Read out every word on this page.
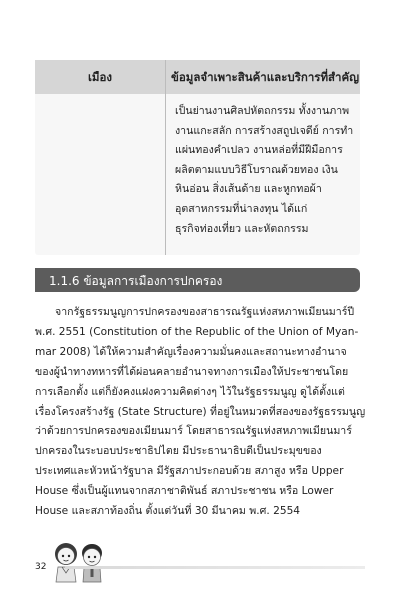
เมือง	ข้อมูลจำเพาะสินค้าและบริการที่สำคัญ
เป็นย่านงานศิลปหัตถกรรม ทั้งงานภาพ
งานแกะสลัก การสร้างสถูปเจดีย์ การทำ
แผ่นทองคำเปลว งานหล่อที่มีฝีมือการ
ผลิตตามแบบวิธีโบราณด้วยทอง เงิน
หินอ่อน สิ่งเส้นด้าย และหูกทอผ้า
อุตสาหกรรมที่น่าลงทุน ได้แก่
ธุรกิจท่องเที่ยว และหัตถกรรม
1.1.6 ข้อมูลการเมืองการปกครอง
จากรัฐธรรมนูญการปกครองของสาธารณรัฐแห่งสหภาพเมียนมาร์ปี
พ.ศ. 2551 (Constitution of the Republic of the Union of Myan-
mar 2008) ได้ให้ความสำคัญเรื่องความมั่นคงและสถานะทางอำนาจ
ของผู้นำทางทหารที่ได้ผ่อนคลายอำนาจทางการเมืองให้ประชาชนโดย
การเลือกตั้ง แต่ก็ยังคงแฝงความคิดต่างๆ ไว้ในรัฐธรรมนูญ ดูได้ตั้งแต่
เรื่องโครงสร้างรัฐ (State Structure) ที่อยู่ในหมวดที่สองของรัฐธรรมนูญ
ว่าด้วยการปกครองของเมียนมาร์ โดยสาธารณรัฐแห่งสหภาพเมียนมาร์
ปกครองในระบอบประชาธิปไตย มีประธานาธิบดีเป็นประมุขของ
ประเทศและหัวหน้ารัฐบาล มีรัฐสภาประกอบด้วย สภาสูง หรือ Upper
House ซึ่งเป็นผู้แทนจากสภาชาติพันธ์ สภาประชาชน หรือ Lower
House และสภาท้องถิ่น ตั้งแต่วันที่ 30 มีนาคม พ.ศ. 2554
32
